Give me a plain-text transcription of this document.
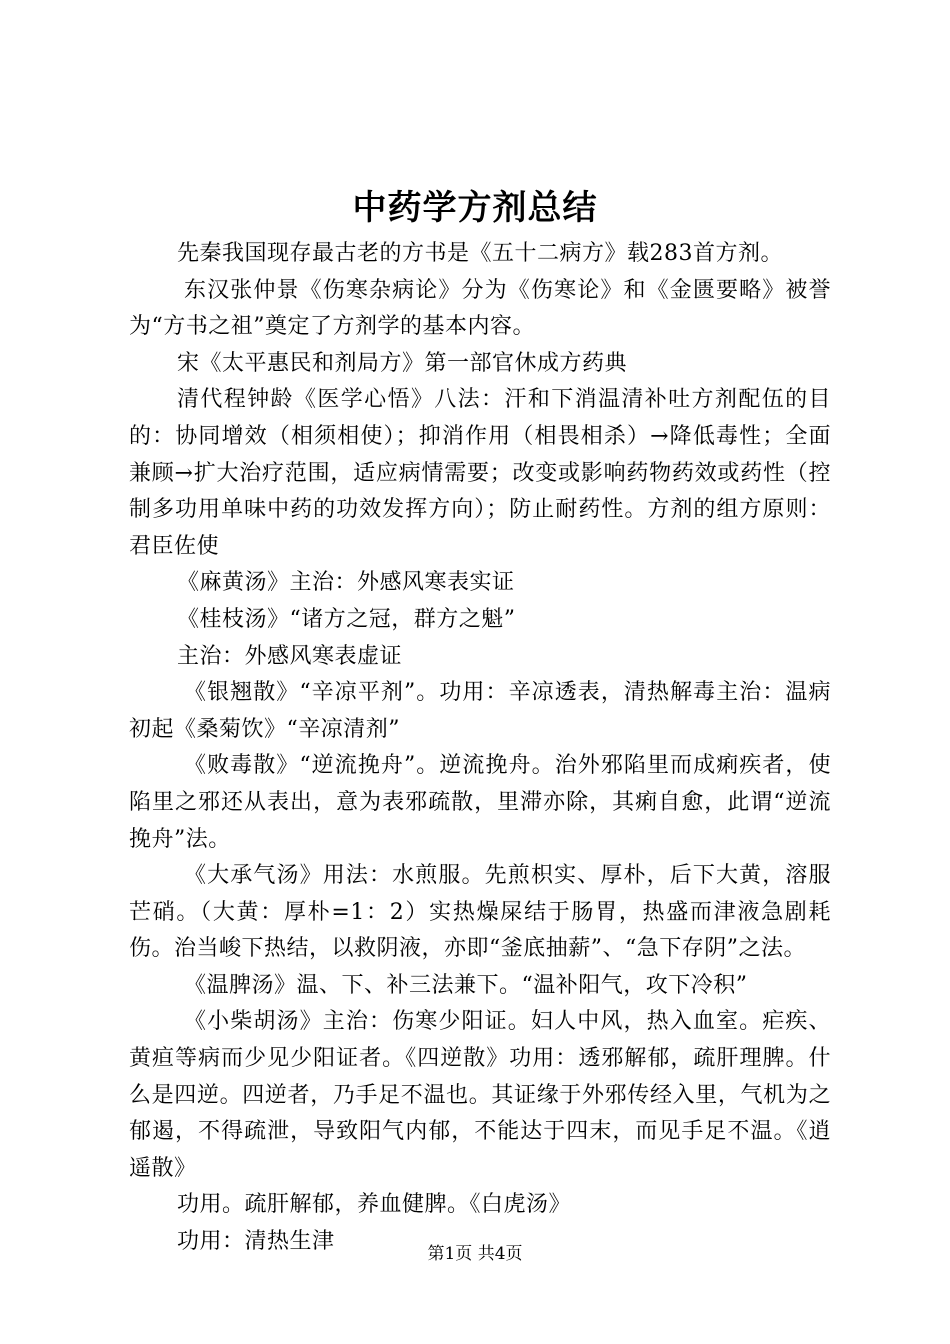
中药学方剂总结

先秦我国现存最古老的方书是《五十二病方》载283首方剂。

东汉张仲景《伤寒杂病论》分为《伤寒论》和《金匮要略》被誉为“方书之祖”奠定了方剂学的基本内容。

宋《太平惠民和剂局方》第一部官休成方药典

清代程钟龄《医学心悟》八法：汗和下消温清补吐方剂配伍的目的：协同增效（相须相使）；抑消作用（相畏相杀）→降低毒性；全面兼顾→扩大治疗范围，适应病情需要；改变或影响药物药效或药性（控制多功用单味中药的功效发挥方向）；防止耐药性。方剂的组方原则：君臣佐使

《麻黄汤》主治：外感风寒表实证

《桂枝汤》“诸方之冠，群方之魁”

主治：外感风寒表虚证

《银翘散》“辛凉平剂”。功用：辛凉透表，清热解毒主治：温病初起《桑菊饮》“辛凉清剂”

《败毒散》“逆流挽舟”。逆流挽舟。治外邪陷里而成痢疾者，使陷里之邪还从表出，意为表邪疏散，里滞亦除，其痢自愈，此谓“逆流挽舟”法。

《大承气汤》用法：水煎服。先煎枳实、厚朴，后下大黄，溶服芒硝。（大黄：厚朴=1：2）实热燥屎结于肠胃，热盛而津液急剧耗伤。治当峻下热结，以救阴液，亦即“釜底抽薪”、“急下存阴”之法。

《温脾汤》温、下、补三法兼下。“温补阳气，攻下冷积”

《小柴胡汤》主治：伤寒少阳证。妇人中风，热入血室。疟疾、黄疸等病而少见少阳证者。《四逆散》功用：透邪解郁，疏肝理脾。什么是四逆。四逆者，乃手足不温也。其证缘于外邪传经入里，气机为之郁遏，不得疏泄，导致阳气内郁，不能达于四末，而见手足不温。《逍遥散》

功用。疏肝解郁，养血健脾。《白虎汤》

功用：清热生津	第1页 共4页
